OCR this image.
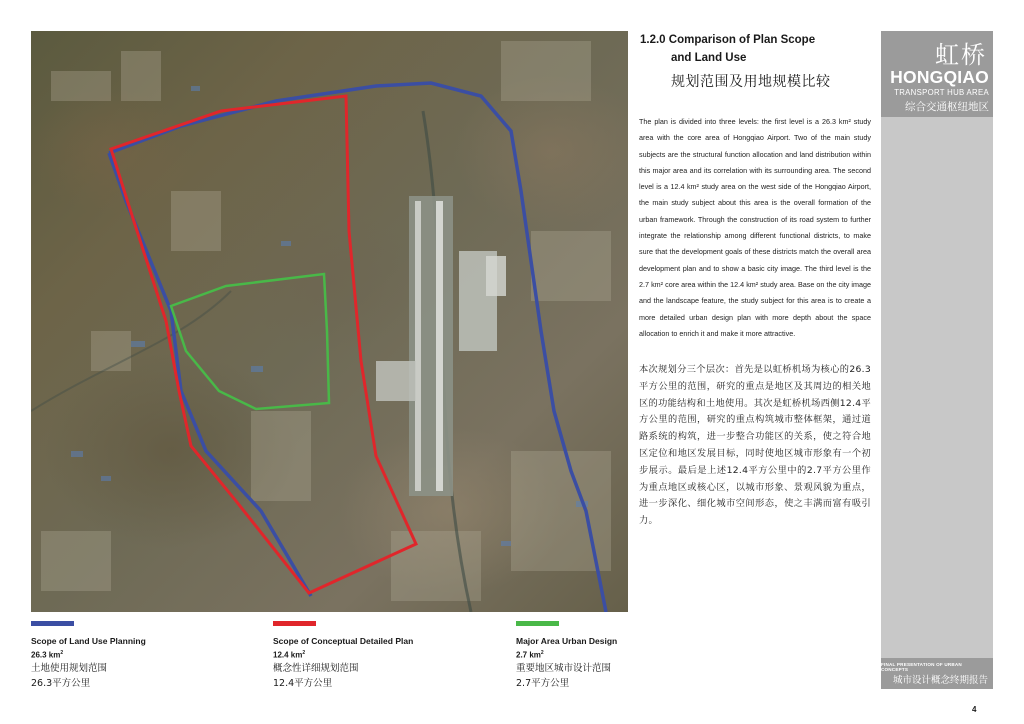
Scope of Land Use Planning
26.3 $km^2$
土地使用规划范围
26.3平方公里
Scope of Conceptual Detailed Plan
12.4 $km^2$
概念性详细规划范围
12.4平方公里
Major Area Urban Design
2.7 $km^2$
重要地区城市设计范围
2.7平方公里
1.2.0 Comparison of Plan Scope
and Land Use
规划范围及用地规模比较
The plan is divided into three levels: the first level is a 26.3 km² study area with the core area of Hongqiao Airport. Two of the main study subjects are the structural function allocation and land distribution within this major area and its correlation with its surrounding area. The second level is a 12.4 km² study area on the west side of the Hongqiao Airport, the main study subject about this area is the overall formation of the urban framework. Through the construction of its road system to further integrate the relationship among different functional districts, to make sure that the development goals of these districts match the overall area development plan and to show a basic city image. The third level is the 2.7 km² core area within the 12.4 km² study area. Base on the city image and the landscape feature, the study subject for this area is to create a more detailed urban design plan with more depth about the space allocation to enrich it and make it more attractive.
本次规划分三个层次：首先是以虹桥机场为核心的26.3平方公里的范围，研究的重点是地区及其周边的相关地区的功能结构和土地使用。其次是虹桥机场西侧12.4平方公里的范围，研究的重点构筑城市整体框架，通过道路系统的构筑，进一步整合功能区的关系，使之符合地区定位和地区发展目标，同时使地区城市形象有一个初步展示。最后是上述12.4平方公里中的2.7平方公里作为重点地区或核心区，以城市形象、景观风貌为重点，进一步深化、细化城市空间形态，使之丰满而富有吸引力。
虹桥
HONGQIAO
TRANSPORT HUB AREA
综合交通枢纽地区
FINAL PRESENTATION OF URBAN CONCEPTS
城市设计概念终期报告
4
